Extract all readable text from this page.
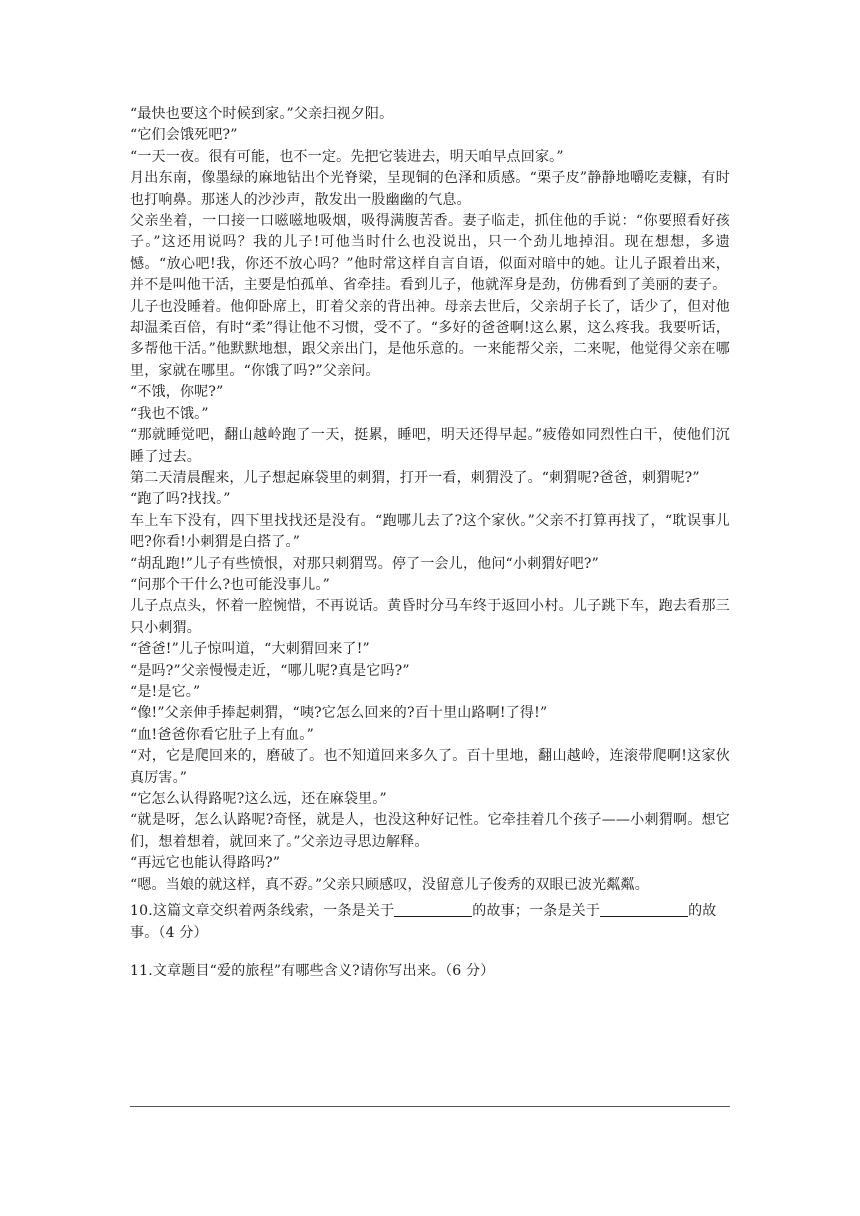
“最快也要这个时候到家。”父亲扫视夕阳。

“它们会饿死吧?”

“一天一夜。很有可能，也不一定。先把它装进去，明天咱早点回家。”

月出东南，像墨绿的麻地钻出个光脊梁，呈现铜的色泽和质感。“栗子皮”静静地嚼吃麦糠，有时也打响鼻。那迷人的沙沙声，散发出一股幽幽的气息。

父亲坐着，一口接一口嗞嗞地吸烟，吸得满腹苦香。妻子临走，抓住他的手说：“你要照看好孩子。”这还用说吗？我的儿子!可他当时什么也没说出，只一个劲儿地掉泪。现在想想，多遗憾。“放心吧!我，你还不放心吗？”他时常这样自言自语，似面对暗中的她。让儿子跟着出来，并不是叫他干活，主要是怕孤单、省牵挂。看到儿子，他就浑身是劲，仿佛看到了美丽的妻子。

儿子也没睡着。他仰卧席上，盯着父亲的背出神。母亲去世后，父亲胡子长了，话少了，但对他却温柔百倍，有时“柔”得让他不习惯，受不了。“多好的爸爸啊!这么累，这么疼我。我要听话，多帮他干活。”他默默地想，跟父亲出门，是他乐意的。一来能帮父亲，二来呢，他觉得父亲在哪里，家就在哪里。“你饿了吗?”父亲问。

“不饿，你呢?”

“我也不饿。”

“那就睡觉吧，翻山越岭跑了一天，挺累，睡吧，明天还得早起。”疲倦如同烈性白干，使他们沉睡了过去。

第二天清晨醒来，儿子想起麻袋里的刺猬，打开一看，刺猬没了。“刺猬呢?爸爸，刺猬呢?”

“跑了吗?找找。”

车上车下没有，四下里找找还是没有。“跑哪儿去了?这个家伙。”父亲不打算再找了，“耽误事儿吧?你看!小刺猬是白搭了。”

“胡乱跑!”儿子有些愤恨，对那只刺猬骂。停了一会儿，他问“小刺猬好吧?”

“问那个干什么?也可能没事儿。”

儿子点点头，怀着一腔惋惜，不再说话。黄昏时分马车终于返回小村。儿子跳下车，跑去看那三只小刺猬。

“爸爸!”儿子惊叫道，“大刺猬回来了!”

“是吗?”父亲慢慢走近，“哪儿呢?真是它吗?”

“是!是它。”

“像!”父亲伸手捧起刺猬，“咦?它怎么回来的?百十里山路啊!了得!”

“血!爸爸你看它肚子上有血。”

“对，它是爬回来的，磨破了。也不知道回来多久了。百十里地，翻山越岭，连滚带爬啊!这家伙真厉害。”

“它怎么认得路呢?这么远，还在麻袋里。”

“就是呀，怎么认路呢?奇怪，就是人，也没这种好记性。它牵挂着几个孩子——小刺猬啊。想它们，想着想着，就回来了。”父亲边寻思边解释。

“再远它也能认得路吗?”

“嗯。当娘的就这样，真不孬。”父亲只顾感叹，没留意儿子俊秀的双眼已波光粼粼。

10.这篇文章交织着两条线索，一条是关于	的故事；一条是关于	的故事。（4 分）

11.文章题目“爱的旅程”有哪些含义?请你写出来。（6 分）
